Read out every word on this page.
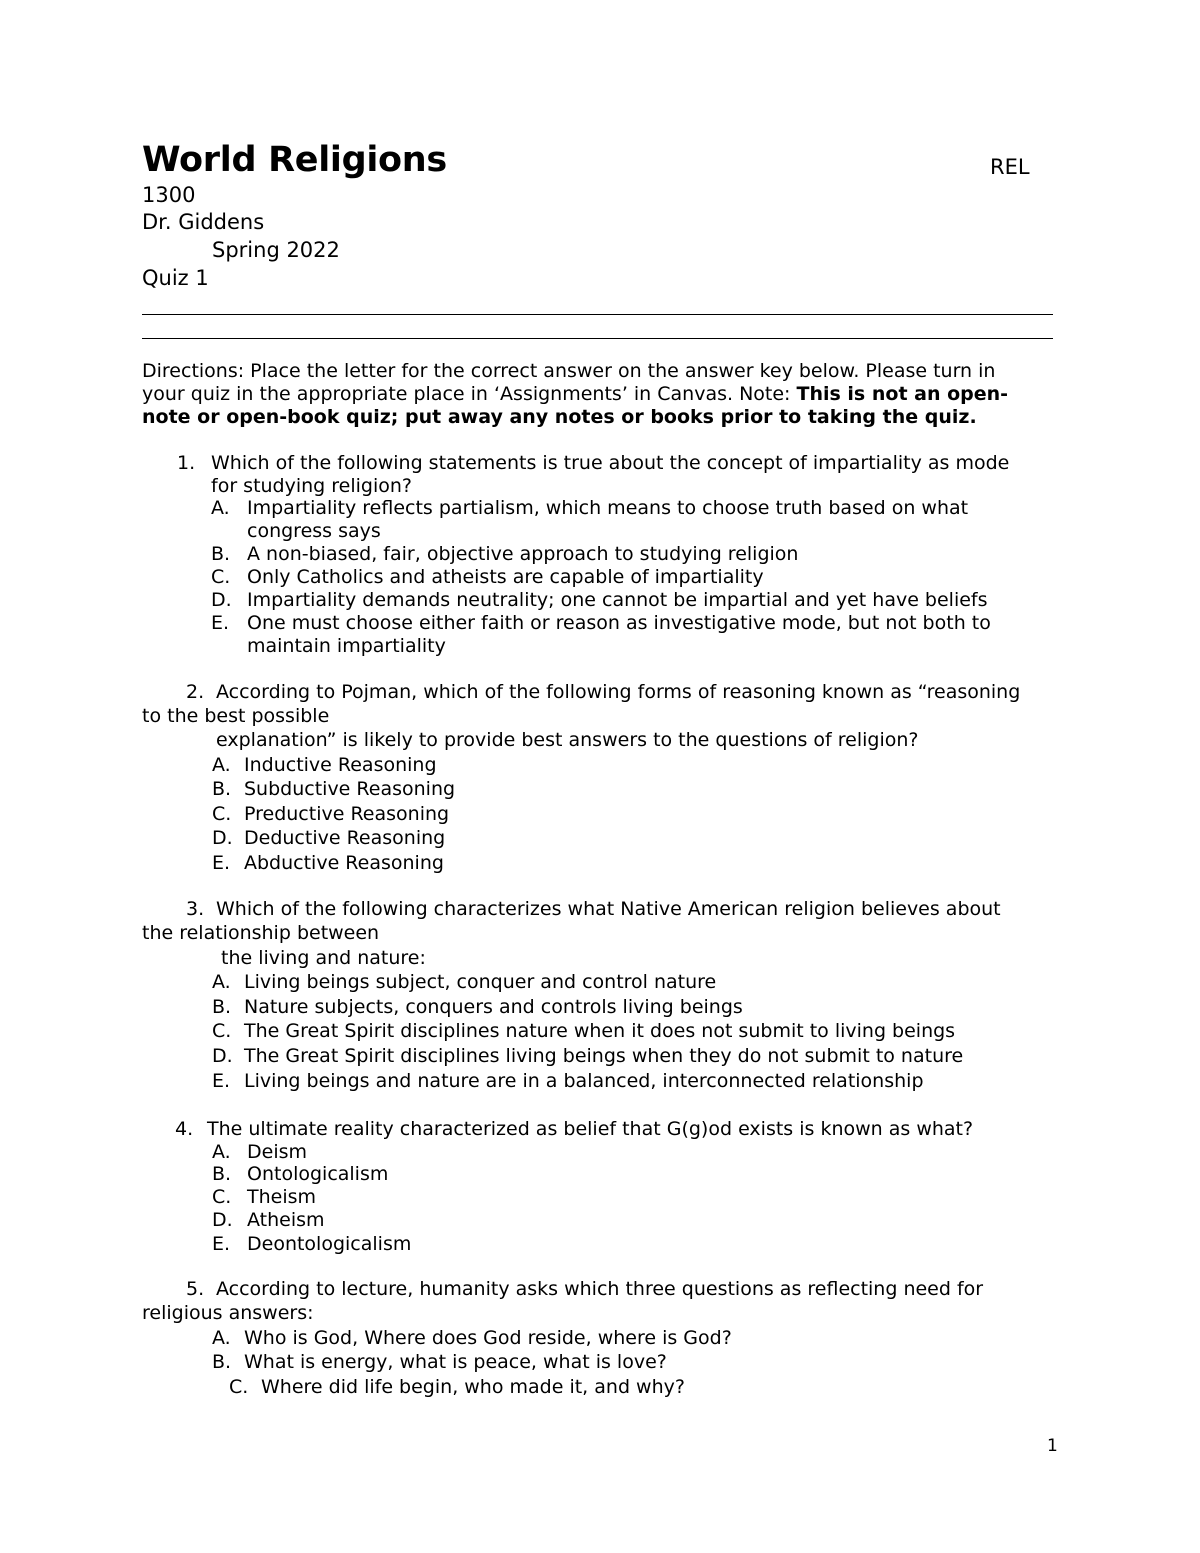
World Religions	REL
1300
Dr. Giddens
Spring 2022
Quiz 1
Directions: Place the letter for the correct answer on the answer key below. Please turn in
your quiz in the appropriate place in ‘Assignments’ in Canvas. Note: This is not an open-
note or open-book quiz; put away any notes or books prior to taking the quiz.
1. Which of the following statements is true about the concept of impartiality as mode
for studying religion?
A. Impartiality reflects partialism, which means to choose truth based on what
congress says
B. A non-biased, fair, objective approach to studying religion
C. Only Catholics and atheists are capable of impartiality
D. Impartiality demands neutrality; one cannot be impartial and yet have beliefs
E. One must choose either faith or reason as investigative mode, but not both to
maintain impartiality
2. According to Pojman, which of the following forms of reasoning known as “reasoning
to the best possible
explanation” is likely to provide best answers to the questions of religion?
A. Inductive Reasoning
B. Subductive Reasoning
C. Preductive Reasoning
D. Deductive Reasoning
E. Abductive Reasoning
3. Which of the following characterizes what Native American religion believes about
the relationship between
the living and nature:
A. Living beings subject, conquer and control nature
B. Nature subjects, conquers and controls living beings
C. The Great Spirit disciplines nature when it does not submit to living beings
D. The Great Spirit disciplines living beings when they do not submit to nature
E. Living beings and nature are in a balanced, interconnected relationship
4. The ultimate reality characterized as belief that G(g)od exists is known as what?
A. Deism
B. Ontologicalism
C. Theism
D. Atheism
E. Deontologicalism
5. According to lecture, humanity asks which three questions as reflecting need for
religious answers:
A. Who is God, Where does God reside, where is God?
B. What is energy, what is peace, what is love?
C. Where did life begin, who made it, and why?
1
